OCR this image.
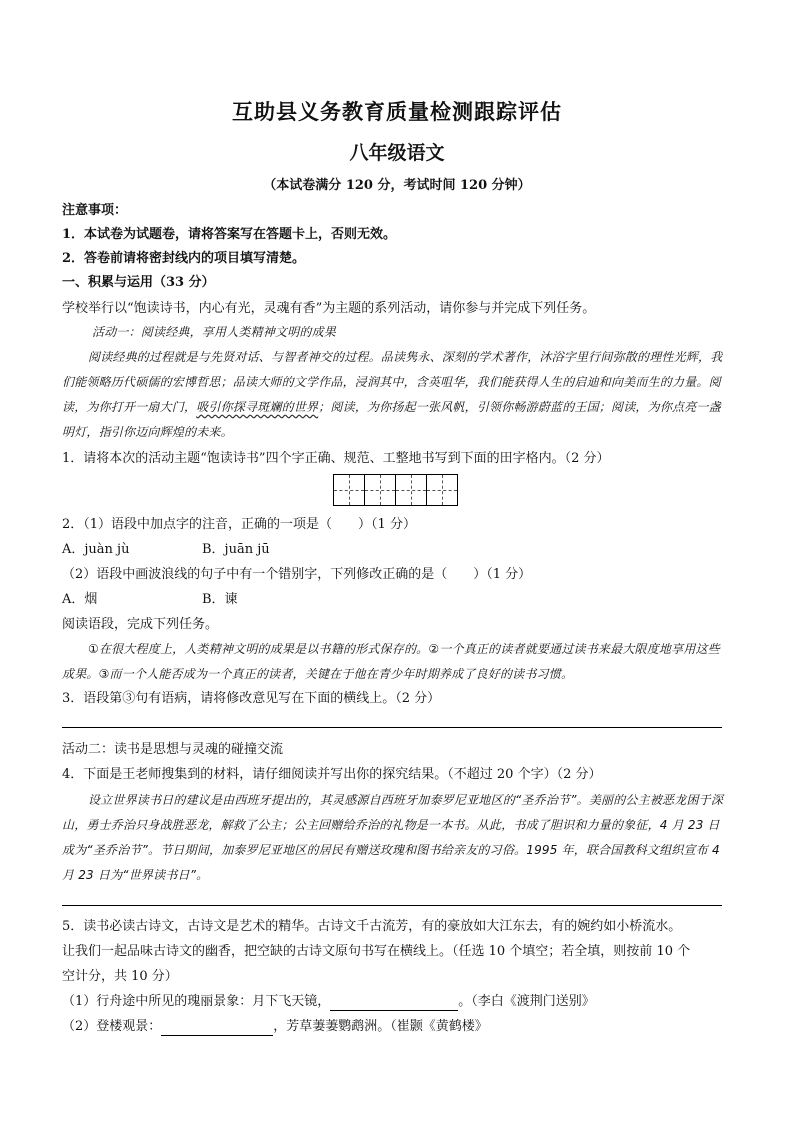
互助县义务教育质量检测跟踪评估
八年级语文
（本试卷满分 120 分，考试时间 120 分钟）
注意事项：
1．本试卷为试题卷，请将答案写在答题卡上，否则无效。
2．答卷前请将密封线内的项目填写清楚。
一、积累与运用（33 分）
学校举行以“饱读诗书，内心有光，灵魂有香”为主题的系列活动，请你参与并完成下列任务。
活动一：阅读经典，享用人类精神文明的成果
阅读经典的过程就是与先贤对话、与智者神交的过程。品读隽永、深刻的学术著作，沐浴字里行间弥散的理性光辉，我们能领略历代硕儒的宏博哲思；品读大师的文学作品，浸润其中，含英咀华，我们能获得人生的启迪和向美而生的力量。阅读，为你打开一扇大门，吸引你探寻斑斓的世界；阅读，为你扬起一张风帆，引领你畅游蔚蓝的王国；阅读，为你点亮一盏明灯，指引你迈向辉煌的未来。
1．请将本次的活动主题“饱读诗书”四个字正确、规范、工整地书写到下面的田字格内。（2 分）
2．（1）语段中加点字的注音，正确的一项是（　　）（1 分）
A．juàn jù	B．juān jū
（2）语段中画波浪线的句子中有一个错别字，下列修改正确的是（　　）（1 分）
A．烟	B．谏
阅读语段，完成下列任务。
①在很大程度上，人类精神文明的成果是以书籍的形式保存的。②一个真正的读者就要通过读书来最大限度地享用这些成果。③而一个人能否成为一个真正的读者，关键在于他在青少年时期养成了良好的读书习惯。
3．语段第③句有语病，请将修改意见写在下面的横线上。（2 分）
活动二：读书是思想与灵魂的碰撞交流
4．下面是王老师搜集到的材料，请仔细阅读并写出你的探究结果。（不超过 20 个字）（2 分）
设立世界读书日的建议是由西班牙提出的，其灵感源自西班牙加泰罗尼亚地区的“圣乔治节”。美丽的公主被恶龙困于深山，勇士乔治只身战胜恶龙，解救了公主；公主回赠给乔治的礼物是一本书。从此，书成了胆识和力量的象征，4 月 23 日成为“圣乔治节”。节日期间，加泰罗尼亚地区的居民有赠送玫瑰和图书给亲友的习俗。1995 年，联合国教科文组织宣布 4 月 23 日为“世界读书日”。
5．读书必读古诗文，古诗文是艺术的精华。古诗文千古流芳，有的豪放如大江东去，有的婉约如小桥流水。
让我们一起品味古诗文的幽香，把空缺的古诗文原句书写在横线上。（任选 10 个填空；若全填，则按前 10 个
空计分，共 10 分）
（1）行舟途中所见的瑰丽景象：月下飞天镜，	。（李白《渡荆门送别》
（2）登楼观景：	，芳草萋萋鹦鹉洲。（崔颢《黄鹤楼》
